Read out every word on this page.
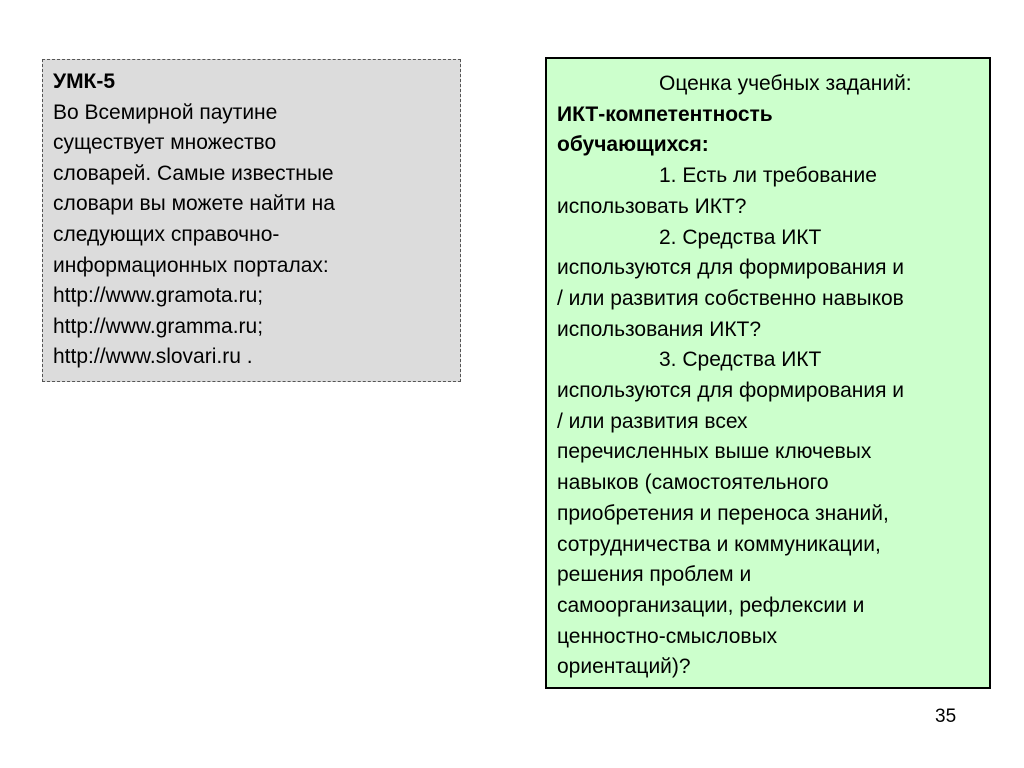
УМК-5
Во Всемирной паутине
существует множество
словарей. Самые известные
словари вы можете найти на
следующих справочно-
информационных порталах:
http://www.gramota.ru;
http://www.gramma.ru;
http://www.slovari.ru .
Оценка учебных заданий:
ИКТ-компетентность
обучающихся:
1. Есть ли требование
использовать ИКТ?
2. Средства ИКТ
используются для формирования и
/ или развития собственно навыков
использования ИКТ?
3. Средства ИКТ
используются для формирования и
/ или развития всех
перечисленных выше ключевых
навыков (самостоятельного
приобретения и переноса знаний,
сотрудничества и коммуникации,
решения проблем и
самоорганизации, рефлексии и
ценностно-смысловых
ориентаций)?
35
